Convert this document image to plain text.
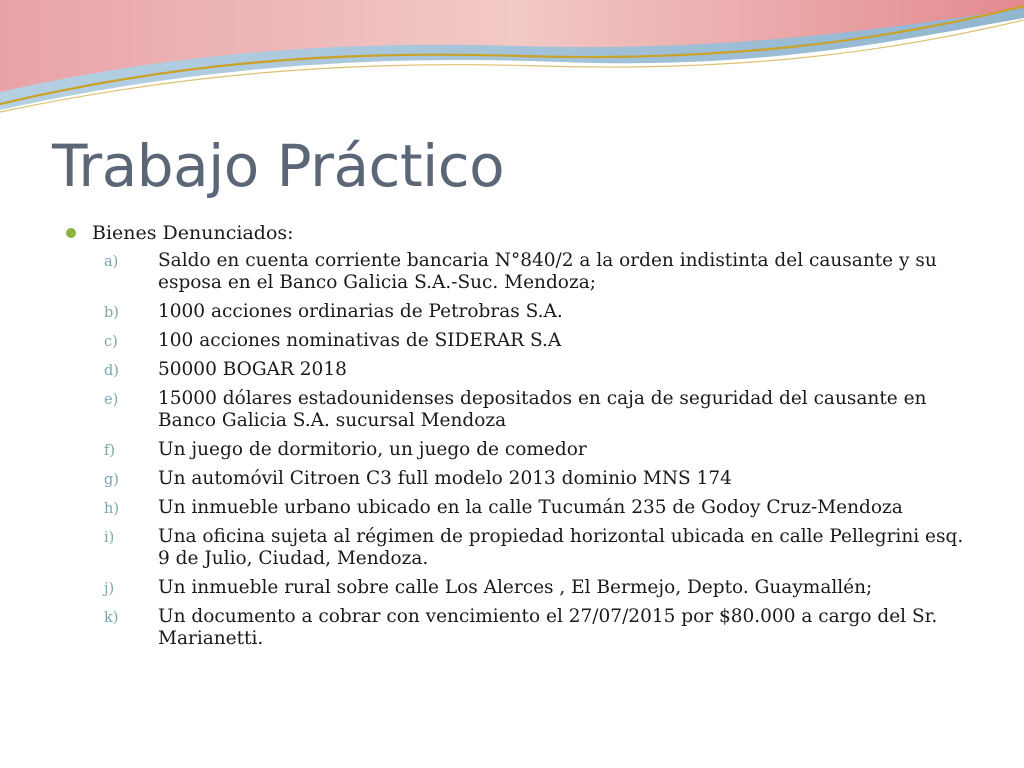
Trabajo Práctico
Bienes Denunciados:
a) Saldo en cuenta corriente bancaria N°840/2 a la orden indistinta del causante y su esposa en el Banco Galicia S.A.-Suc. Mendoza;
b) 1000 acciones ordinarias de Petrobras S.A.
c) 100 acciones nominativas de SIDERAR S.A
d) 50000 BOGAR 2018
e) 15000 dólares estadounidenses depositados en caja de seguridad del causante en Banco Galicia S.A. sucursal Mendoza
f) Un juego de dormitorio, un juego de comedor
g) Un automóvil Citroen C3 full modelo 2013 dominio MNS 174
h) Un inmueble urbano ubicado en la calle Tucumán 235 de Godoy Cruz-Mendoza
i) Una oficina sujeta al régimen de propiedad horizontal ubicada en calle Pellegrini esq. 9 de Julio, Ciudad, Mendoza.
j) Un inmueble rural sobre calle Los Alerces , El Bermejo, Depto. Guaymallén;
k) Un documento a cobrar con vencimiento el 27/07/2015 por $80.000 a cargo del Sr. Marianetti.
